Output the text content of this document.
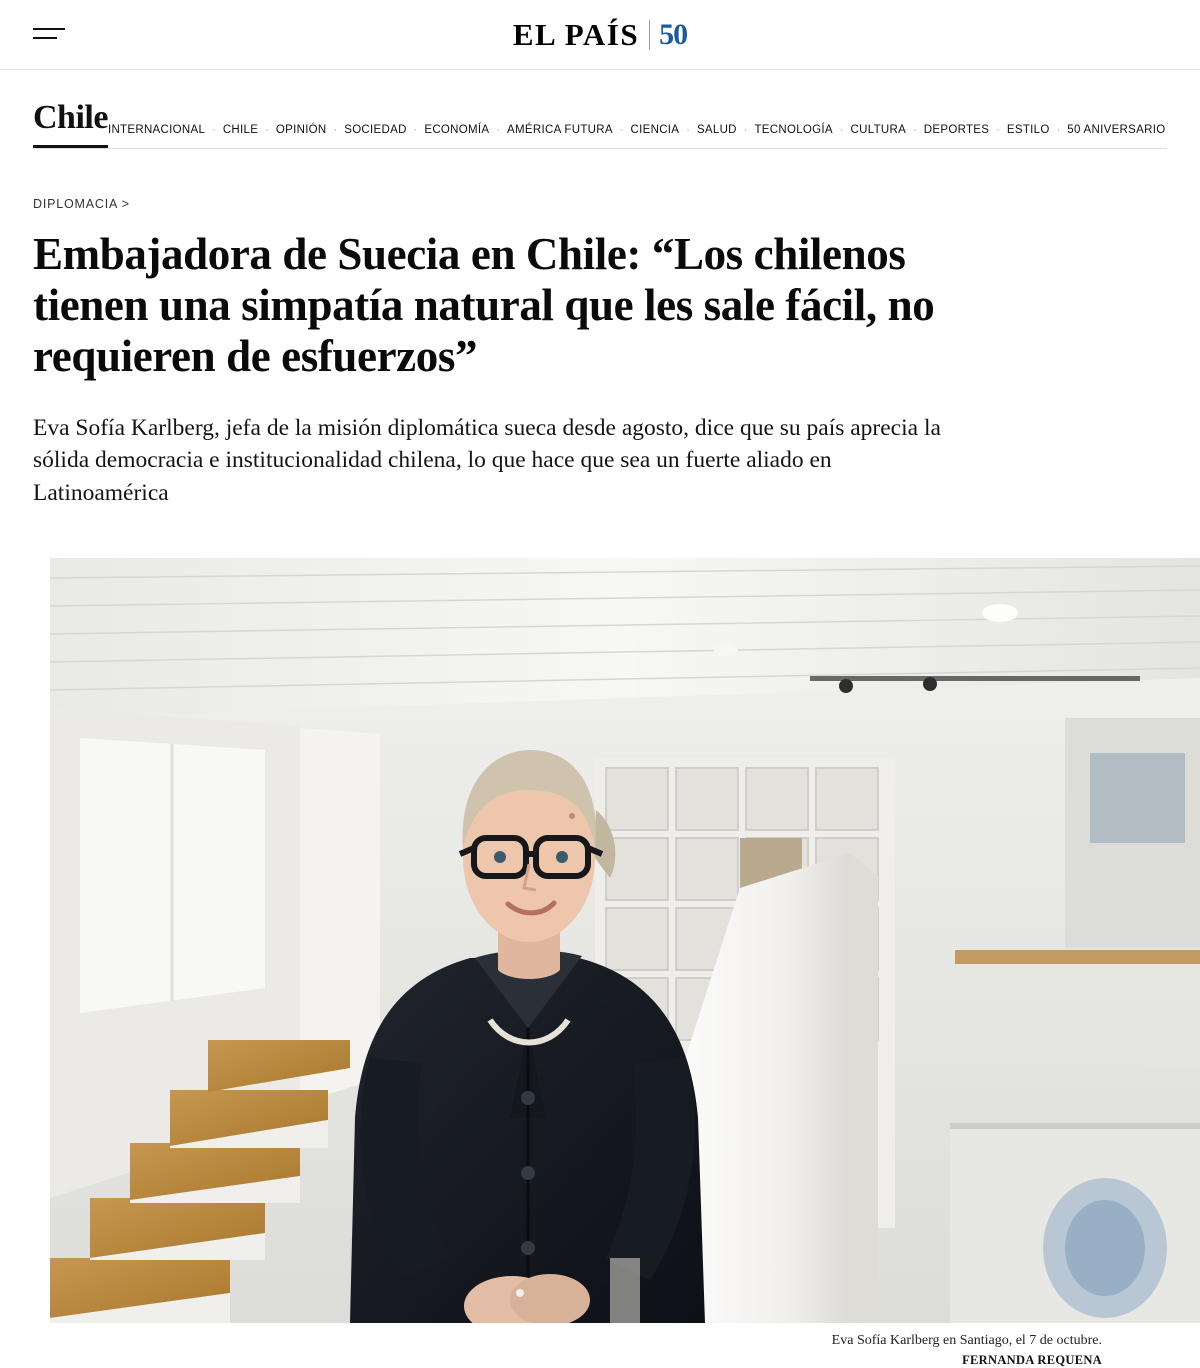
EL PAÍS 50
Chile INTERNACIONAL · CHILE · OPINIÓN · SOCIEDAD · ECONOMÍA · AMÉRICA FUTURA · CIENCIA · SALUD · TECNOLOGÍA · CULTURA · DEPORTES · ESTILO · 50 ANIVERSARIO
DIPLOMACIA >
Embajadora de Suecia en Chile: “Los chilenos tienen una simpatía natural que les sale fácil, no requieren de esfuerzos”

Eva Sofía Karlberg, jefa de la misión diplomática sueca desde agosto, dice que su país aprecia la sólida democracia e institucionalidad chilena, lo que hace que sea un fuerte aliado en Latinoamérica

Eva Sofía Karlberg en Santiago, el 7 de octubre.
FERNANDA REQUENA
